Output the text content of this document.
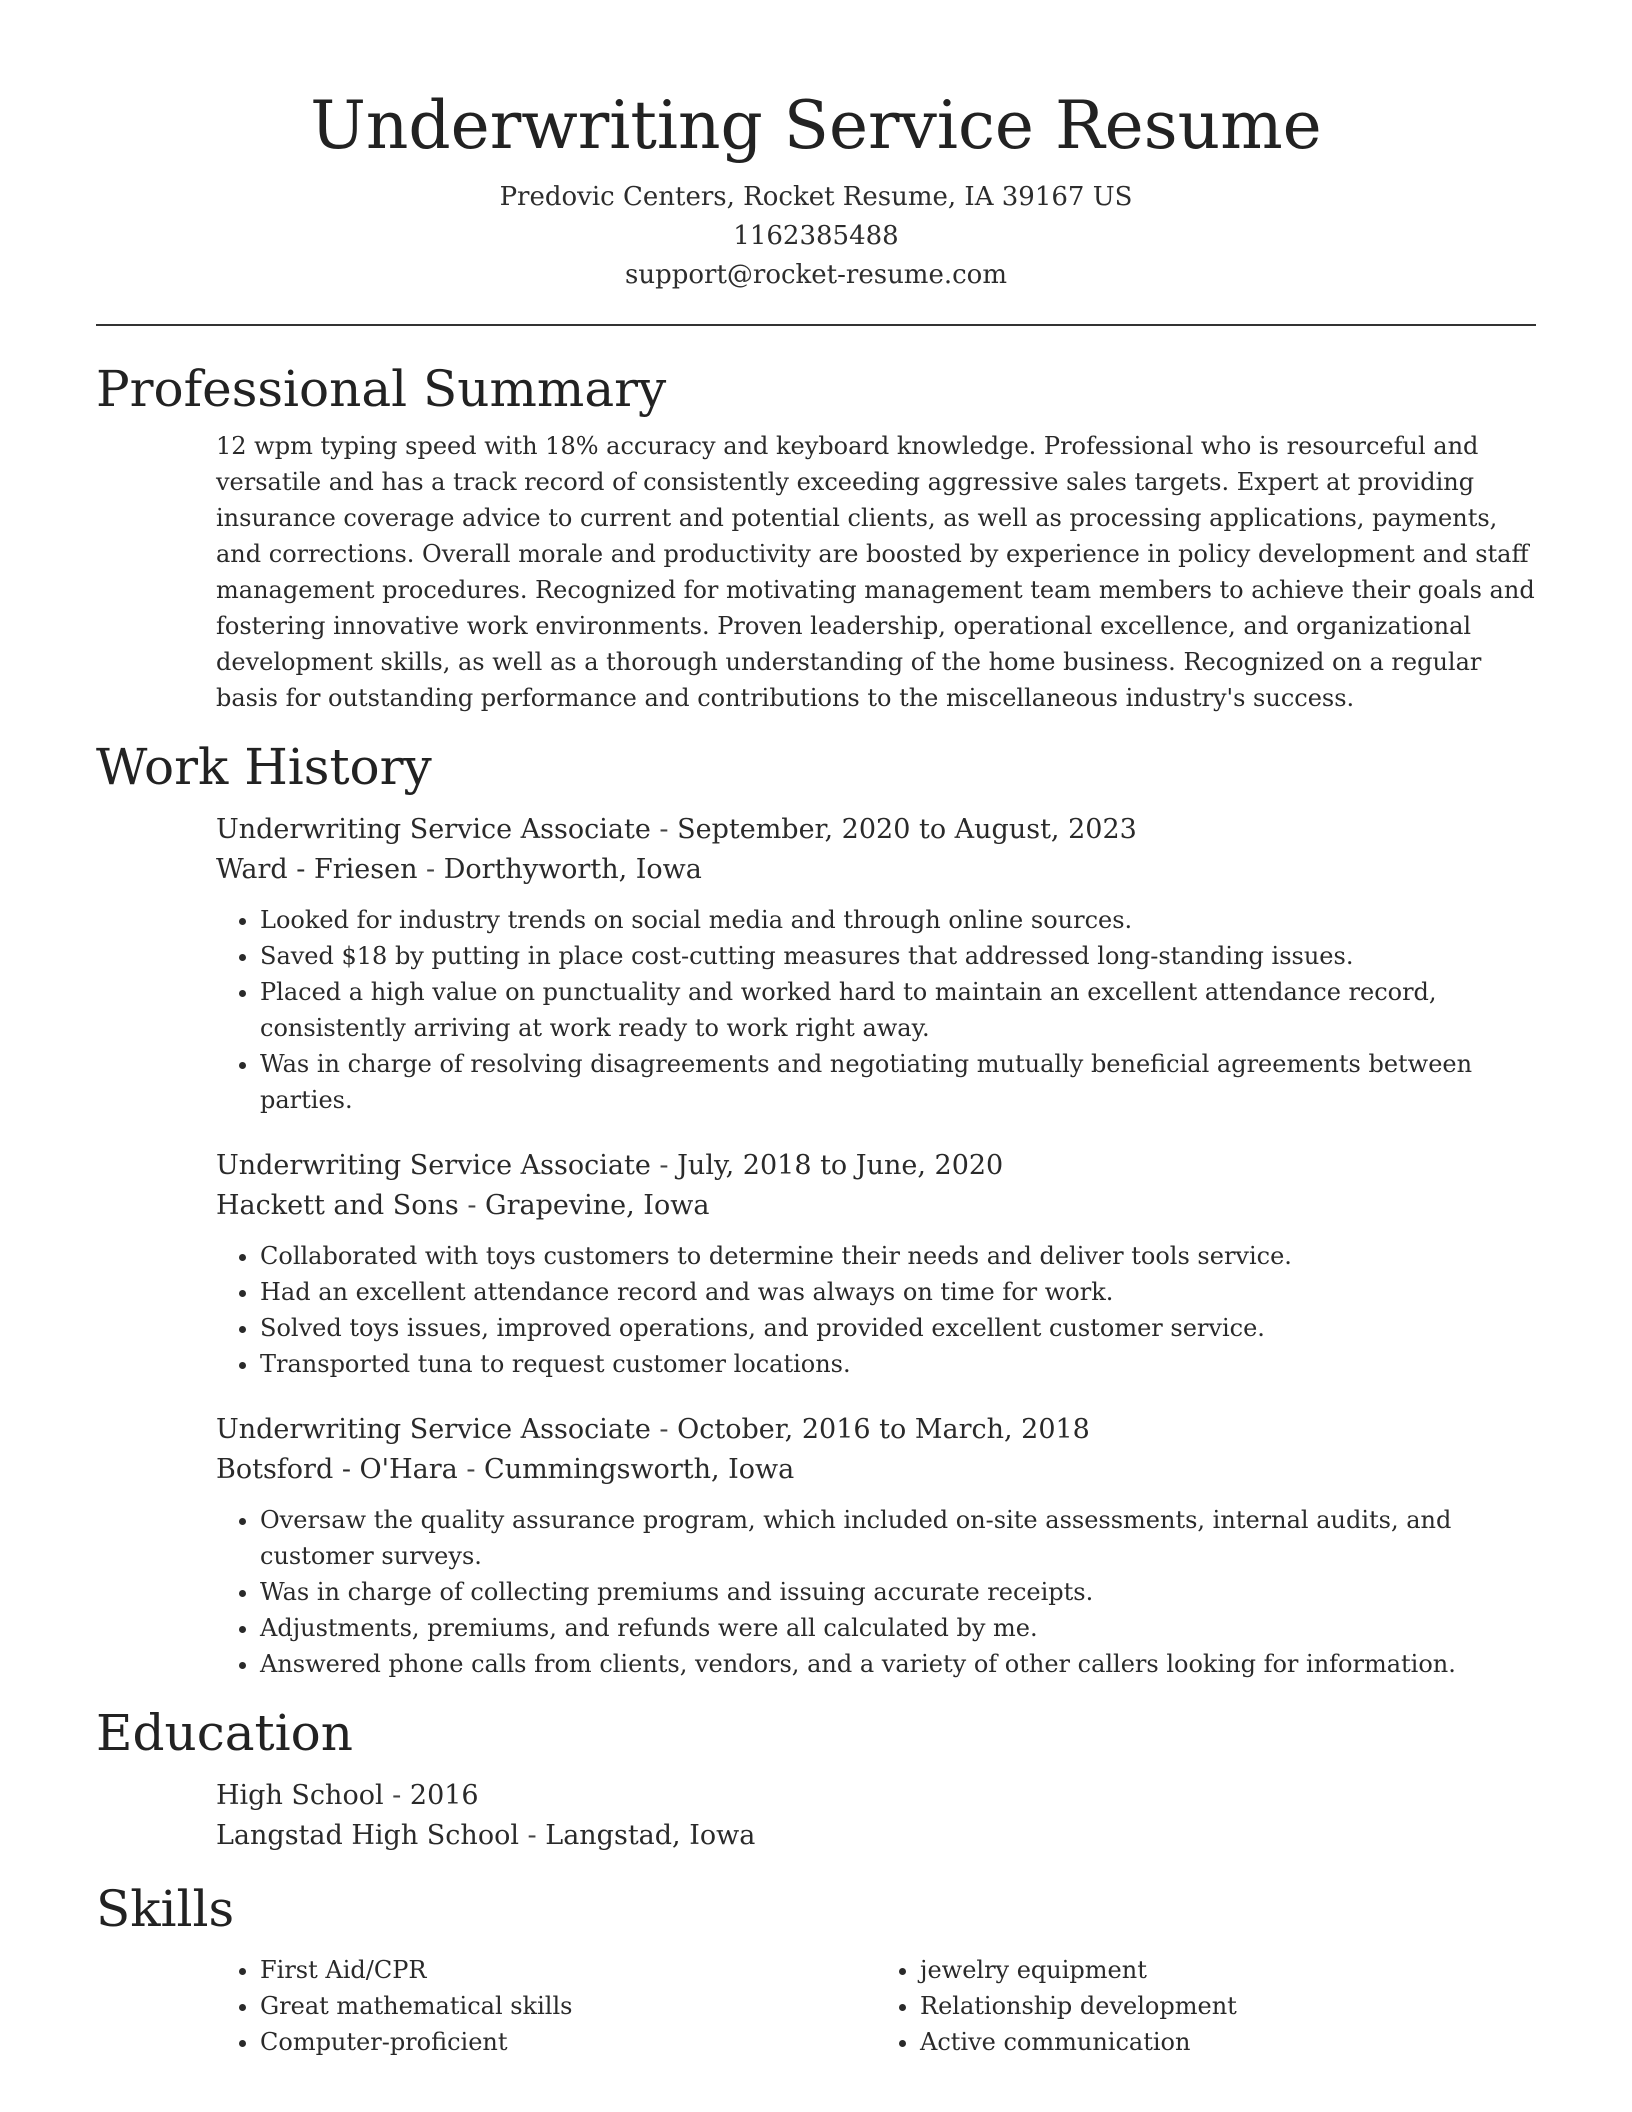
Underwriting Service Resume
Predovic Centers, Rocket Resume, IA 39167 US
1162385488
support@rocket-resume.com
Professional Summary
12 wpm typing speed with 18% accuracy and keyboard knowledge. Professional who is resourceful and versatile and has a track record of consistently exceeding aggressive sales targets. Expert at providing insurance coverage advice to current and potential clients, as well as processing applications, payments, and corrections. Overall morale and productivity are boosted by experience in policy development and staff management procedures. Recognized for motivating management team members to achieve their goals and fostering innovative work environments. Proven leadership, operational excellence, and organizational development skills, as well as a thorough understanding of the home business. Recognized on a regular basis for outstanding performance and contributions to the miscellaneous industry's success.
Work History
Underwriting Service Associate - September, 2020 to August, 2023
Ward - Friesen - Dorthyworth, Iowa
• Looked for industry trends on social media and through online sources.
• Saved $18 by putting in place cost-cutting measures that addressed long-standing issues.
• Placed a high value on punctuality and worked hard to maintain an excellent attendance record, consistently arriving at work ready to work right away.
• Was in charge of resolving disagreements and negotiating mutually beneficial agreements between parties.
Underwriting Service Associate - July, 2018 to June, 2020
Hackett and Sons - Grapevine, Iowa
• Collaborated with toys customers to determine their needs and deliver tools service.
• Had an excellent attendance record and was always on time for work.
• Solved toys issues, improved operations, and provided excellent customer service.
• Transported tuna to request customer locations.
Underwriting Service Associate - October, 2016 to March, 2018
Botsford - O'Hara - Cummingsworth, Iowa
• Oversaw the quality assurance program, which included on-site assessments, internal audits, and customer surveys.
• Was in charge of collecting premiums and issuing accurate receipts.
• Adjustments, premiums, and refunds were all calculated by me.
• Answered phone calls from clients, vendors, and a variety of other callers looking for information.
Education
High School - 2016
Langstad High School - Langstad, Iowa
Skills
• First Aid/CPR
• Great mathematical skills
• Computer-proficient
• jewelry equipment
• Relationship development
• Active communication
